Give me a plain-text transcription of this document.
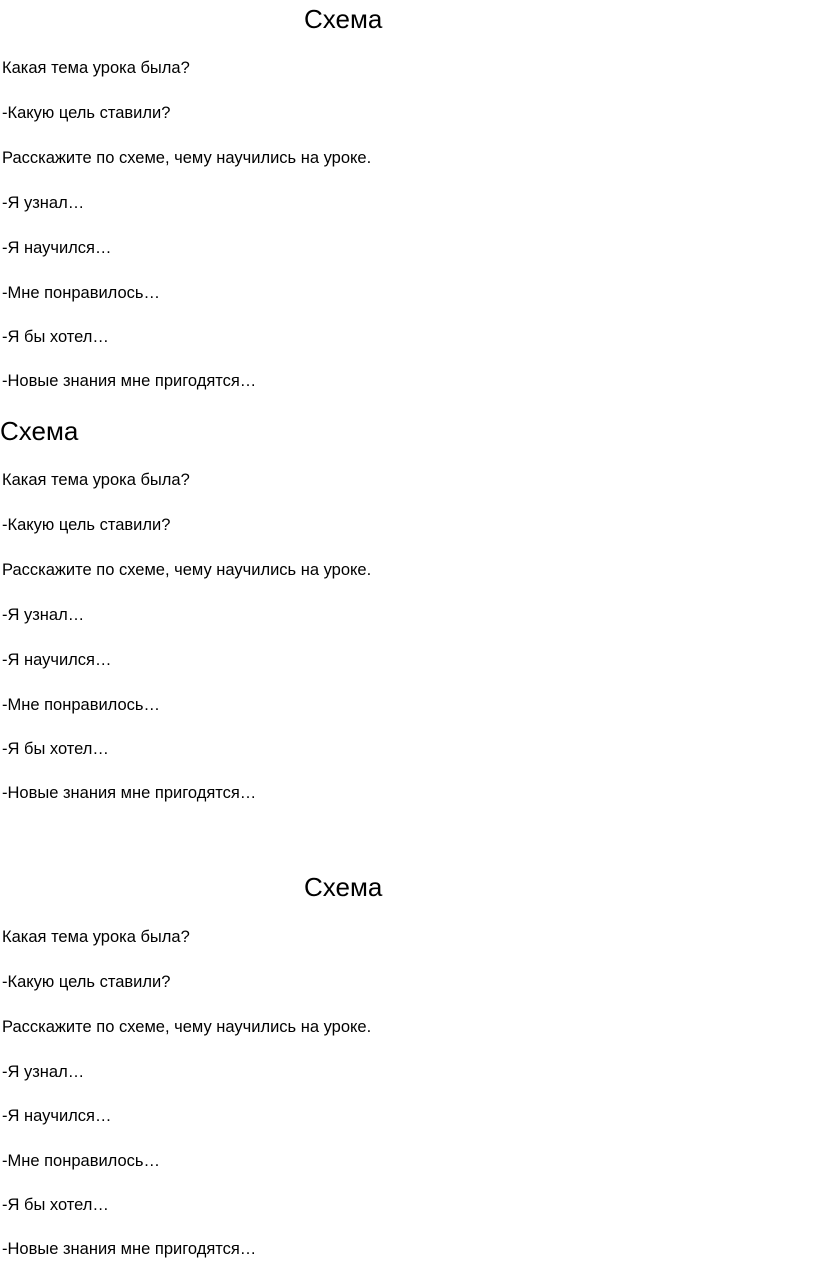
Схема

Какая тема урока была?

-Какую цель ставили?

Расскажите по схеме, чему научились на уроке.

-Я узнал…

-Я научился…

-Мне понравилось…

-Я бы хотел…

-Новые знания мне пригодятся…

Схема

Какая тема урока была?

-Какую цель ставили?

Расскажите по схеме, чему научились на уроке.

-Я узнал…

-Я научился…

-Мне понравилось…

-Я бы хотел…

-Новые знания мне пригодятся…

Схема

Какая тема урока была?

-Какую цель ставили?

Расскажите по схеме, чему научились на уроке.

-Я узнал…

-Я научился…

-Мне понравилось…

-Я бы хотел…

-Новые знания мне пригодятся…
